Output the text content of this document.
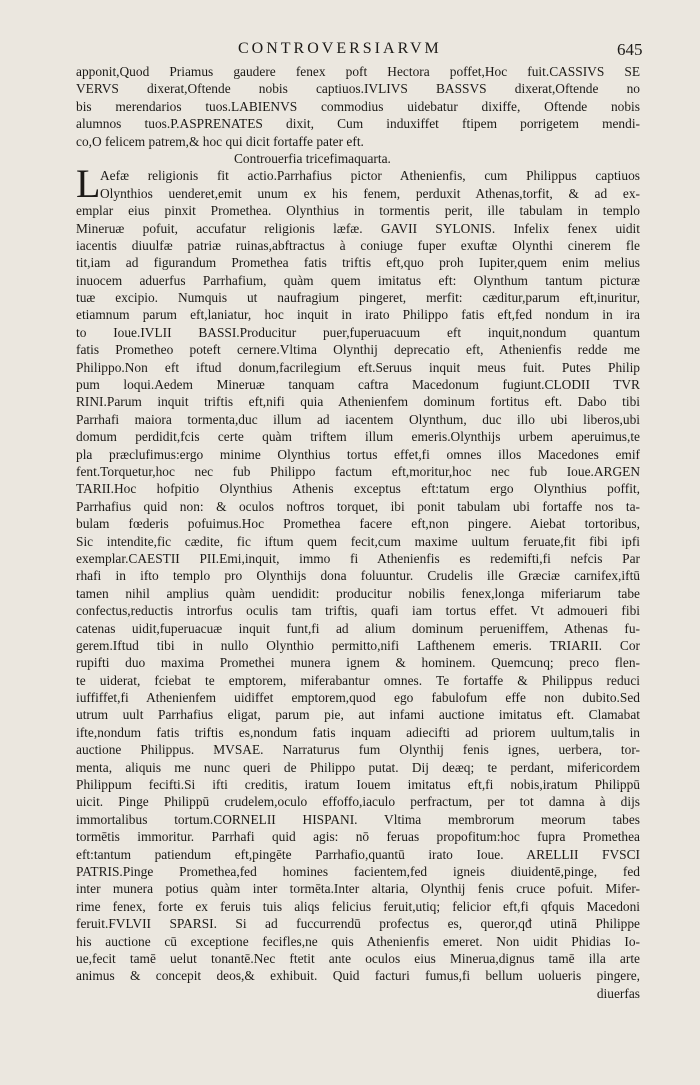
CONTROVERSIARVM	645
apponit,Quod Priamus gaudere fenex poft Hectora poffet,Hoc fuit.CASSIVS SE
VERVS dixerat,Oftende nobis captiuos.IVLIVS BASSVS dixerat,Oftende no
bis merendarios tuos.LABIENVS commodius uidebatur dixiffe, Oftende nobis
alumnos tuos.P.ASPRENATES dixit, Cum induxiffet ftipem porrigetem mendi-
co,O felicem patrem,& hoc qui dicit fortaffe pater eft.
Controuerfia tricefimaquarta.
L Aefæ religionis fit actio.Parrhafius pictor Athenienfis, cum Philippus captiuos
Olynthios uenderet,emit unum ex his fenem, perduxit Athenas,torfit, & ad ex-
emplar eius pinxit Promethea. Olynthius in tormentis perit, ille tabulam in templo
Mineruæ pofuit, accufatur religionis læfæ. GAVII SYLONIS. Infelix fenex uidit
iacentis diuulfæ patriæ ruinas,abftractus à coniuge fuper exuftæ Olynthi cinerem fle
tit,iam ad figurandum Promethea fatis triftis eft,quo proh Iupiter,quem enim melius
inuocem aduerfus Parrhafium, quàm quem imitatus eft: Olynthum tantum picturæ
tuæ excipio. Numquis ut naufragium pingeret, merfit: cæditur,parum eft,inuritur,
etiamnum parum eft,laniatur, hoc inquit in irato Philippo fatis eft,fed nondum in ira
to Ioue.IVLII BASSI.Producitur puer,fuperuacuum eft inquit,nondum quantum
fatis Prometheo poteft cernere.Vltima Olynthij deprecatio eft, Athenienfis redde me
Philippo.Non eft iftud donum,facrilegium eft.Seruus inquit meus fuit. Putes Philip
pum loqui.Aedem Mineruæ tanquam caftra Macedonum fugiunt.CLODII TVR
RINI.Parum inquit triftis eft,nifi quia Athenienfem dominum fortitus eft. Dabo tibi
Parrhafi maiora tormenta,duc illum ad iacentem Olynthum, duc illo ubi liberos,ubi
domum perdidit,fcis certe quàm triftem illum emeris.Olynthijs urbem aperuimus,te
pla præclufimus:ergo minime Olynthius tortus effet,fi omnes illos Macedones emif
fent.Torquetur,hoc nec fub Philippo factum eft,moritur,hoc nec fub Ioue.ARGEN
TARII.Hoc hofpitio Olynthius Athenis exceptus eft:tatum ergo Olynthius poffit,
Parrhafius quid non: & oculos noftros torquet, ibi ponit tabulam ubi fortaffe nos ta-
bulam fœderis pofuimus.Hoc Promethea facere eft,non pingere. Aiebat tortoribus,
Sic intendite,fic cædite, fic iftum quem fecit,cum maxime uultum feruate,fit fibi ipfi
exemplar.CAESTII PII.Emi,inquit, immo fi Athenienfis es redemifti,fi nefcis Par
rhafi in ifto templo pro Olynthijs dona foluuntur. Crudelis ille Græciæ carnifex,iftū
tamen nihil amplius quàm uendidit: producitur nobilis fenex,longa miferiarum tabe
confectus,reductis introrfus oculis tam triftis, quafi iam tortus effet. Vt admoueri fibi
catenas uidit,fuperuacuæ inquit funt,fi ad alium dominum perueniffem, Athenas fu-
gerem.Iftud tibi in nullo Olynthio permitto,nifi Lafthenem emeris. TRIARII. Cor
rupifti duo maxima Promethei munera ignem & hominem. Quemcunq; preco flen-
te uiderat, fciebat te emptorem, miferabantur omnes. Te fortaffe & Philippus reduci
iuffiffet,fi Athenienfem uidiffet emptorem,quod ego fabulofum effe non dubito.Sed
utrum uult Parrhafius eligat, parum pie, aut infami auctione imitatus eft. Clamabat
ifte,nondum fatis triftis es,nondum fatis inquam adiecifti ad priorem uultum,talis in
auctione Philippus. MVSAE. Narraturus fum Olynthij fenis ignes, uerbera, tor-
menta, aliquis me nunc queri de Philippo putat. Dij deæq; te perdant, mifericordem
Philippum fecifti.Si ifti creditis, iratum Iouem imitatus eft,fi nobis,iratum Philippū
uicit. Pinge Philippū crudelem,oculo effoffo,iaculo perfractum, per tot damna à dijs
immortalibus tortum.CORNELII HISPANI. Vltima membrorum meorum tabes
tormētis immoritur. Parrhafi quid agis: nō feruas propofitum:hoc fupra Promethea
eft:tantum patiendum eft,pingēte Parrhafio,quantū irato Ioue. ARELLII FVSCI
PATRIS.Pinge Promethea,fed homines facientem,fed igneis diuidentē,pinge, fed
inter munera potius quàm inter tormēta.Inter altaria, Olynthij fenis cruce pofuit. Mifer-
rime fenex, forte ex feruis tuis aliqs felicius feruit,utiq; felicior eft,fi qfquis Macedoni
feruit.FVLVII SPARSI. Si ad fuccurrendū profectus es, queror,qđ utinā Philippe
his auctione cū exceptione fecifles,ne quis Athenienfis emeret. Non uidit Phidias Io-
ue,fecit tamē uelut tonantē.Nec ftetit ante oculos eius Minerua,dignus tamē illa arte
animus & concepit deos,& exhibuit. Quid facturi fumus,fi bellum uolueris pingere,
diuerfas
